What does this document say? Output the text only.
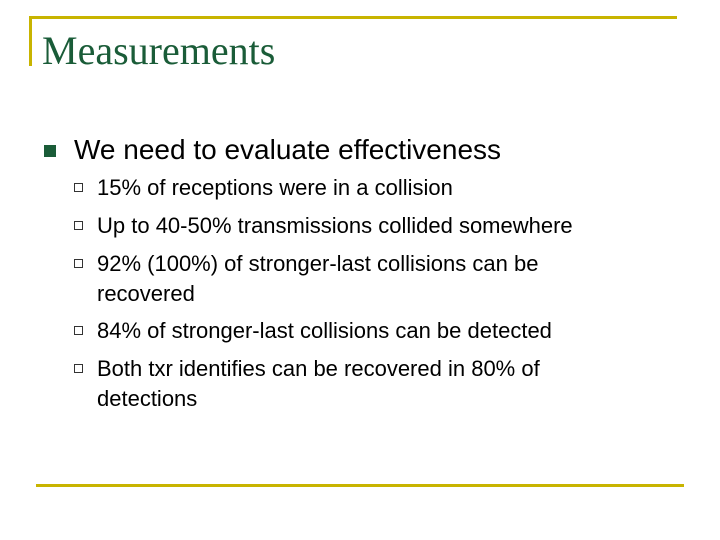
Measurements
We need to evaluate effectiveness
15% of receptions were in a collision
Up to 40-50% transmissions collided somewhere
92% (100%) of stronger-last collisions can be
recovered
84% of stronger-last collisions can be detected
Both txr identifies can be recovered in 80% of
detections
